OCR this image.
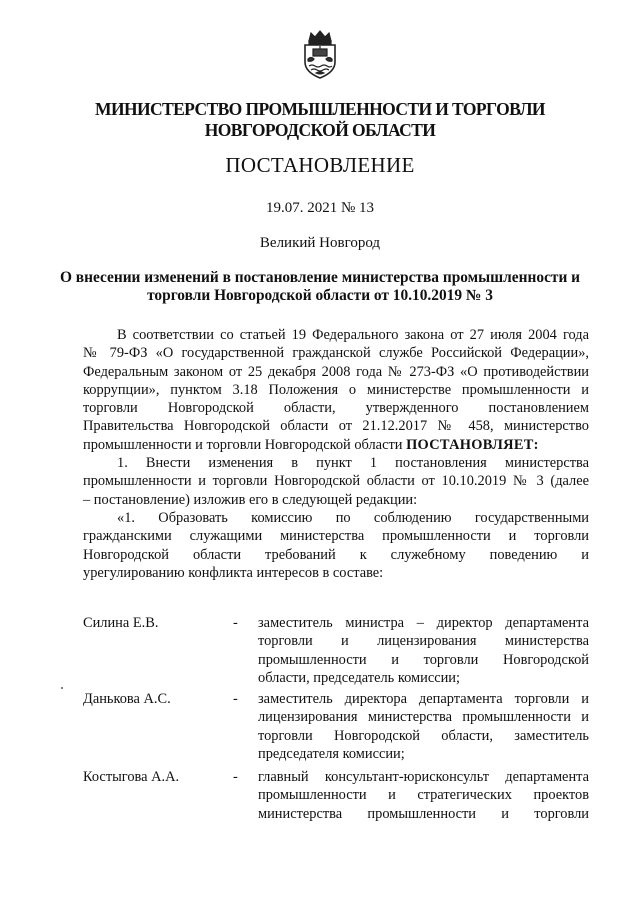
МИНИСТЕРСТВО ПРОМЫШЛЕННОСТИ И ТОРГОВЛИ
НОВГОРОДСКОЙ ОБЛАСТИ
ПОСТАНОВЛЕНИЕ
19.07. 2021 № 13
Великий Новгород
О внесении изменений в постановление министерства промышленности и
торговли Новгородской области от 10.10.2019 № 3
В соответствии со статьей 19 Федерального закона от 27 июля 2004 года
№ 79-ФЗ «О государственной гражданской службе Российской Федерации»,
Федеральным законом от 25 декабря 2008 года № 273-ФЗ «О противодействии
коррупции», пунктом 3.18 Положения о министерстве промышленности и
торговли Новгородской области, утвержденного постановлением
Правительства Новгородской области от 21.12.2017 № 458, министерство
промышленности и торговли Новгородской области ПОСТАНОВЛЯЕТ:
1. Внести изменения в пункт 1 постановления министерства
промышленности и торговли Новгородской области от 10.10.2019 № 3 (далее
– постановление) изложив его в следующей редакции:
«1. Образовать комиссию по соблюдению государственными
гражданскими служащими министерства промышленности и торговли
Новгородской области требований к служебному поведению и
урегулированию конфликта интересов в составе:
Силина Е.В.	- заместитель министра – директор департамента
торговли и лицензирования министерства
промышленности и торговли Новгородской
области, председатель комиссии;
Данькова А.С.	- заместитель директора департамента торговли и
лицензирования министерства промышленности и
торговли Новгородской области, заместитель
председателя комиссии;
Костыгова А.А.	- главный консультант-юрисконсульт департамента
промышленности и стратегических проектов
министерства промышленности и торговли
